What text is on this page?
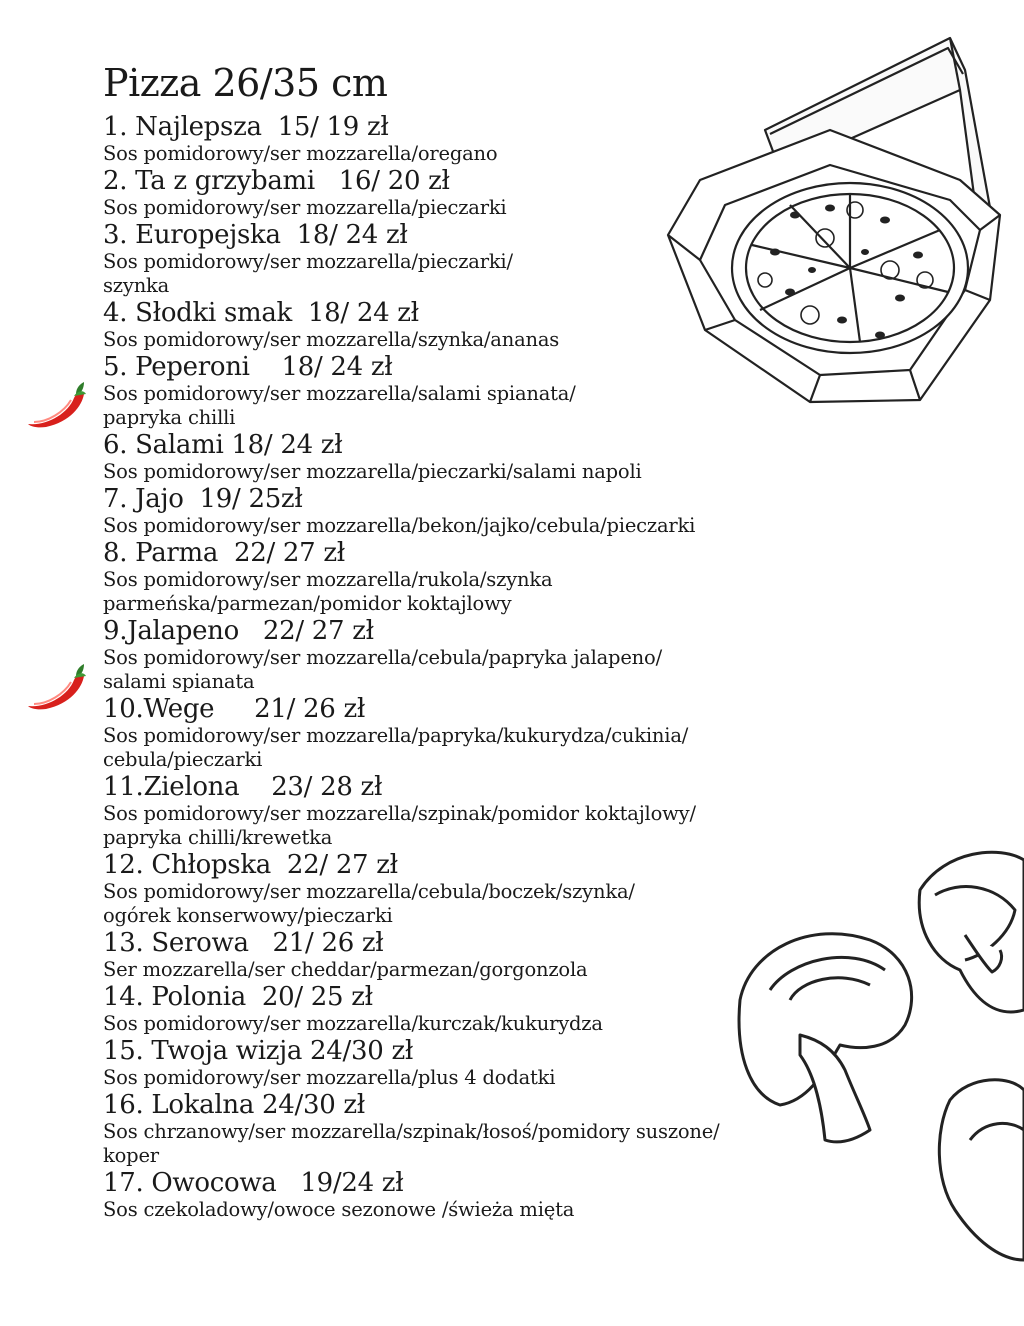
Pizza 26/35 cm
1. Najlepsza  15/ 19 zł
Sos pomidorowy/ser mozzarella/oregano
2. Ta z grzybami   16/ 20 zł
Sos pomidorowy/ser mozzarella/pieczarki
3. Europejska  18/ 24 zł
Sos pomidorowy/ser mozzarella/pieczarki/
szynka
4. Słodki smak  18/ 24 zł
Sos pomidorowy/ser mozzarella/szynka/ananas
5. Peperoni    18/ 24 zł
Sos pomidorowy/ser mozzarella/salami spianata/
papryka chilli
6. Salami 18/ 24 zł
Sos pomidorowy/ser mozzarella/pieczarki/salami napoli
7. Jajo  19/ 25zł
Sos pomidorowy/ser mozzarella/bekon/jajko/cebula/pieczarki
8. Parma  22/ 27 zł
Sos pomidorowy/ser mozzarella/rukola/szynka
parmeńska/parmezan/pomidor koktajlowy
9.Jalapeno   22/ 27 zł
Sos pomidorowy/ser mozzarella/cebula/papryka jalapeno/
salami spianata
10.Wege     21/ 26 zł
Sos pomidorowy/ser mozzarella/papryka/kukurydza/cukinia/
cebula/pieczarki
11.Zielona    23/ 28 zł
Sos pomidorowy/ser mozzarella/szpinak/pomidor koktajlowy/
papryka chilli/krewetka
12. Chłopska  22/ 27 zł
Sos pomidorowy/ser mozzarella/cebula/boczek/szynka/
ogórek konserwowy/pieczarki
13. Serowa   21/ 26 zł
Ser mozzarella/ser cheddar/parmezan/gorgonzola
14. Polonia  20/ 25 zł
Sos pomidorowy/ser mozzarella/kurczak/kukurydza
15. Twoja wizja 24/30 zł
Sos pomidorowy/ser mozzarella/plus 4 dodatki
16. Lokalna 24/30 zł
Sos chrzanowy/ser mozzarella/szpinak/łosoś/pomidory suszone/
koper
17. Owocowa   19/24 zł
Sos czekoladowy/owoce sezonowe /świeża mięta
